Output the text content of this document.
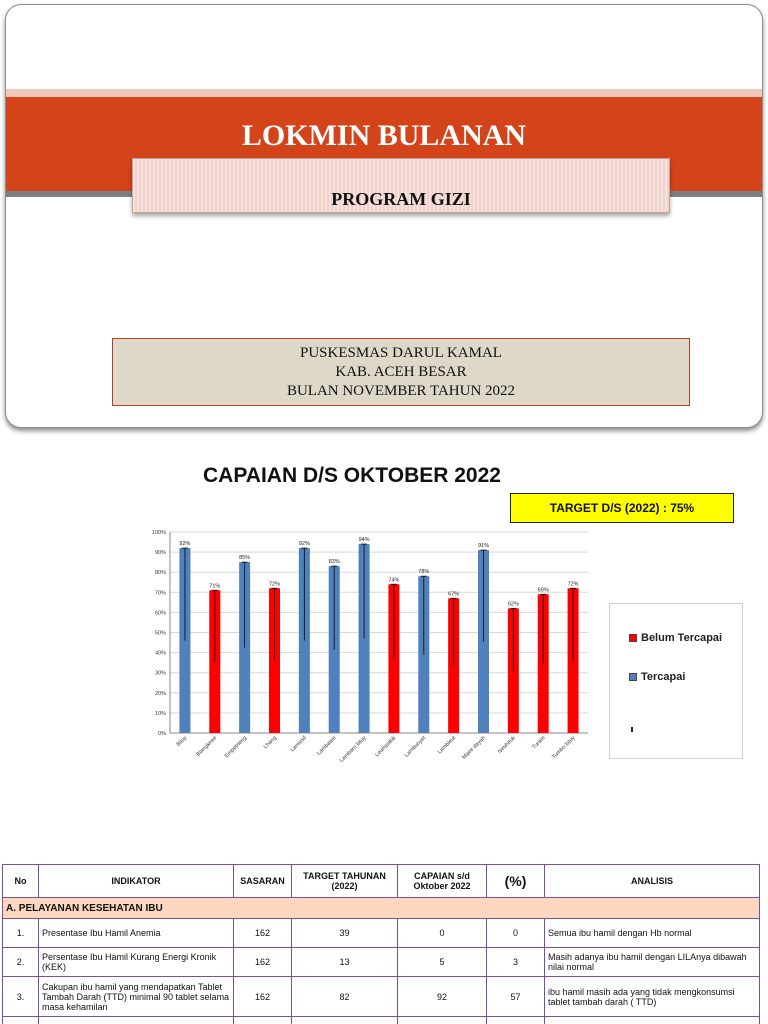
LOKMIN BULANAN
PROGRAM GIZI
PUSKESMAS DARUL KAMAL
KAB. ACEH BESAR
BULAN NOVEMBER TAHUN 2022
CAPAIAN D/S OKTOBER 2022
TARGET D/S (2022) : 75%
0%
10%
20%
30%
40%
50%
60%
70%
80%
90%
100%
92%
Biluy
71%
Blangkiree
85%
Empetrieng
72%
Lhang
92%
Lamsod
83%
Lambatee
94%
Lambaro biluy
74%
Leumpakik
78%
Lambunyet
67%
Lambleut
91%
Maee dayah
62%
Neuheuk
69%
Turam
72%
Tumbo biluy
Belum Tercapai
Tercapai
No	INDIKATOR	SASARAN	TARGET TAHUNAN (2022)	CAPAIAN s/d Oktober 2022	(%)	ANALISIS
A. PELAYANAN KESEHATAN IBU						
1.	Presentase Ibu Hamil Anemia	162	39	0	0	Semua ibu hamil dengan Hb normal
2.	Persentase Ibu Hamil Kurang Energi Kronik (KEK)	162	13	5	3	Masih adanya ibu hamil dengan LILAnya dibawah nilai normal
3.	Cakupan ibu hamil yang mendapatkan Tablet Tambah Darah (TTD) minimal 90 tablet selama masa kehamilan	162	82	92	57	ibu hamil masih ada yang tidak mengkonsumsi tablet tambah darah ( TTD)
